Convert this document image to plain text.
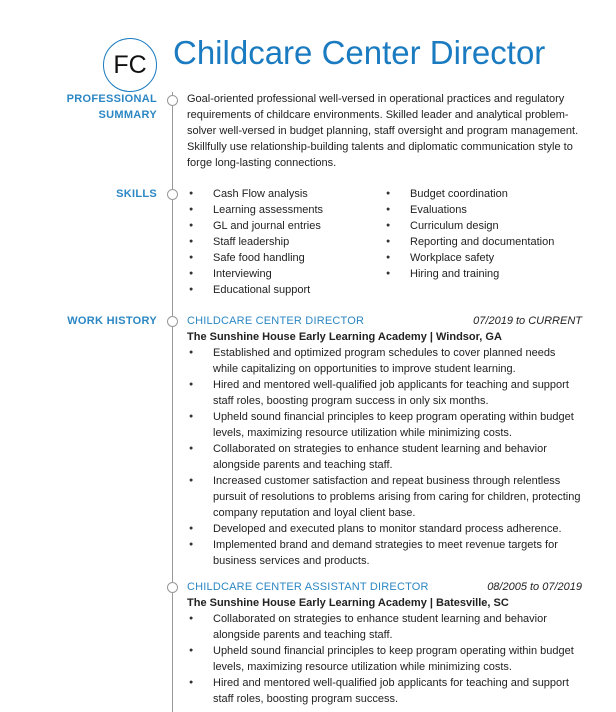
FC Childcare Center Director
PROFESSIONAL
SUMMARY
Goal-oriented professional well-versed in operational practices and regulatory requirements of childcare environments. Skilled leader and analytical problem-solver well-versed in budget planning, staff oversight and program management. Skillfully use relationship-building talents and diplomatic communication style to forge long-lasting connections.
SKILLS	● Cash Flow analysis
● Learning assessments
● GL and journal entries
● Staff leadership
● Safe food handling
● Interviewing
● Educational support
● Budget coordination
● Evaluations
● Curriculum design
● Reporting and documentation
● Workplace safety
● Hiring and training
WORK HISTORY	CHILDCARE CENTER DIRECTOR	07/2019 to CURRENT
The Sunshine House Early Learning Academy | Windsor, GA
● Established and optimized program schedules to cover planned needs while capitalizing on opportunities to improve student learning.
● Hired and mentored well-qualified job applicants for teaching and support staff roles, boosting program success in only six months.
● Upheld sound financial principles to keep program operating within budget levels, maximizing resource utilization while minimizing costs.
● Collaborated on strategies to enhance student learning and behavior alongside parents and teaching staff.
● Increased customer satisfaction and repeat business through relentless pursuit of resolutions to problems arising from caring for children, protecting company reputation and loyal client base.
● Developed and executed plans to monitor standard process adherence.
● Implemented brand and demand strategies to meet revenue targets for business services and products.
CHILDCARE CENTER ASSISTANT DIRECTOR	08/2005 to 07/2019
The Sunshine House Early Learning Academy | Batesville, SC
● Collaborated on strategies to enhance student learning and behavior alongside parents and teaching staff.
● Upheld sound financial principles to keep program operating within budget levels, maximizing resource utilization while minimizing costs.
● Hired and mentored well-qualified job applicants for teaching and support staff roles, boosting program success.
